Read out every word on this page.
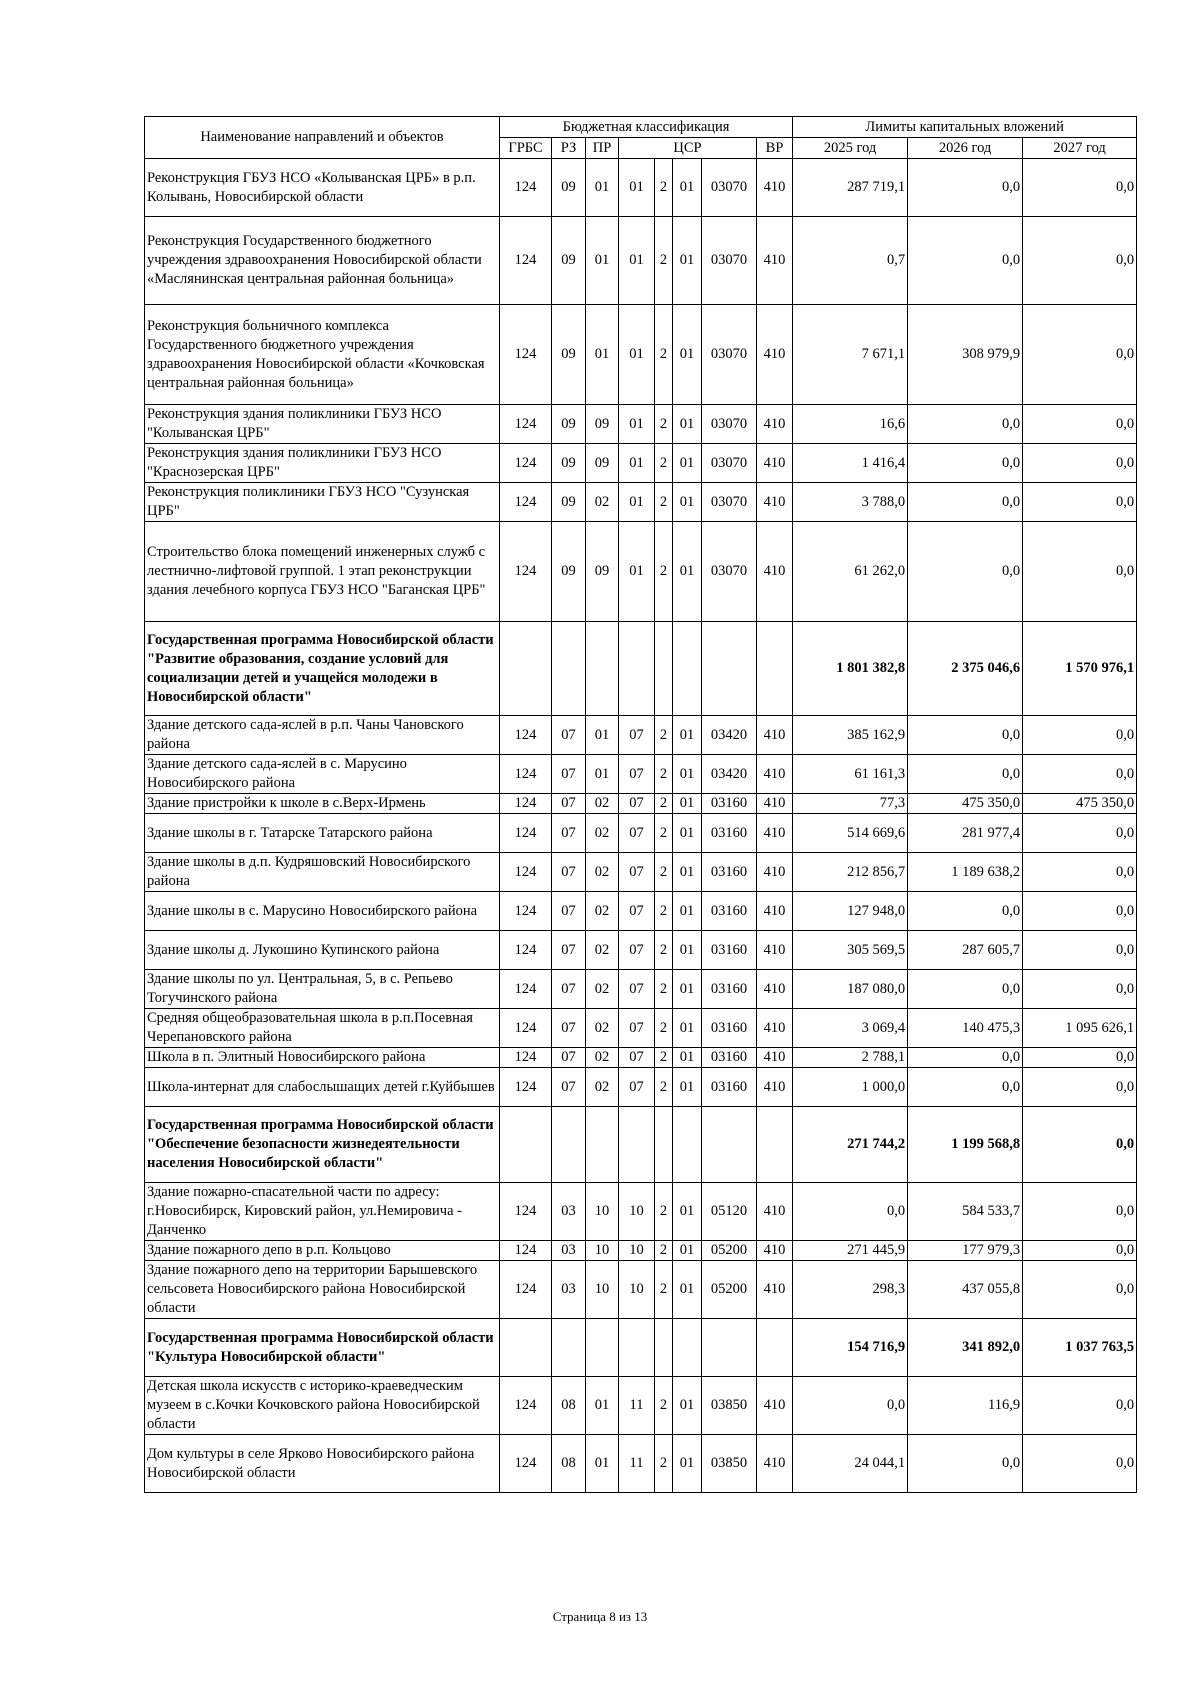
Наименование направлений и объектов	Бюджетная классификация								Лимиты капитальных вложений		
	ГРБС	РЗ	ПР	ЦСР				ВР	2025 год	2026 год	2027 год
Реконструкция ГБУЗ НСО «Колыванская ЦРБ» в р.п. Колывань, Новосибирской области	124	09	01	01	2	01	03070	410	287 719,1	0,0	0,0
Реконструкция Государственного бюджетного учреждения здравоохранения Новосибирской области «Маслянинская центральная районная больница»	124	09	01	01	2	01	03070	410	0,7	0,0	0,0
Реконструкция больничного комплекса Государственного бюджетного учреждения здравоохранения Новосибирской области «Кочковская центральная районная больница»	124	09	01	01	2	01	03070	410	7 671,1	308 979,9	0,0
Реконструкция здания поликлиники ГБУЗ НСО "Колыванская ЦРБ"	124	09	09	01	2	01	03070	410	16,6	0,0	0,0
Реконструкция здания поликлиники ГБУЗ НСО "Краснозерская ЦРБ"	124	09	09	01	2	01	03070	410	1 416,4	0,0	0,0
Реконструкция поликлиники ГБУЗ НСО "Сузунская ЦРБ"	124	09	02	01	2	01	03070	410	3 788,0	0,0	0,0
Строительство блока помещений инженерных служб с лестнично-лифтовой группой. 1 этап реконструкции здания лечебного корпуса ГБУЗ НСО "Баганская ЦРБ"	124	09	09	01	2	01	03070	410	61 262,0	0,0	0,0
Государственная программа Новосибирской области "Развитие образования, создание условий для социализации детей и учащейся молодежи в Новосибирской области"									1 801 382,8	2 375 046,6	1 570 976,1
Здание детского сада-яслей в р.п. Чаны Чановского района	124	07	01	07	2	01	03420	410	385 162,9	0,0	0,0
Здание детского сада-яслей в с. Марусино Новосибирского района	124	07	01	07	2	01	03420	410	61 161,3	0,0	0,0
Здание пристройки к школе в с.Верх-Ирмень	124	07	02	07	2	01	03160	410	77,3	475 350,0	475 350,0
Здание школы в г. Татарске Татарского района	124	07	02	07	2	01	03160	410	514 669,6	281 977,4	0,0
Здание школы в д.п. Кудряшовский Новосибирского района	124	07	02	07	2	01	03160	410	212 856,7	1 189 638,2	0,0
Здание школы в с. Марусино Новосибирского района	124	07	02	07	2	01	03160	410	127 948,0	0,0	0,0
Здание школы д. Лукошино Купинского района	124	07	02	07	2	01	03160	410	305 569,5	287 605,7	0,0
Здание школы по ул. Центральная, 5, в с. Репьево Тогучинского района	124	07	02	07	2	01	03160	410	187 080,0	0,0	0,0
Средняя общеобразовательная школа в р.п.Посевная Черепановского района	124	07	02	07	2	01	03160	410	3 069,4	140 475,3	1 095 626,1
Школа в п. Элитный Новосибирского района	124	07	02	07	2	01	03160	410	2 788,1	0,0	0,0
Школа-интернат для слабослышащих детей г.Куйбышев	124	07	02	07	2	01	03160	410	1 000,0	0,0	0,0
Государственная программа Новосибирской области "Обеспечение безопасности жизнедеятельности населения Новосибирской области"									271 744,2	1 199 568,8	0,0
Здание пожарно-спасательной части по адресу: г.Новосибирск, Кировский район, ул.Немировича - Данченко	124	03	10	10	2	01	05120	410	0,0	584 533,7	0,0
Здание пожарного депо в р.п. Кольцово	124	03	10	10	2	01	05200	410	271 445,9	177 979,3	0,0
Здание пожарного депо на территории Барышевского сельсовета Новосибирского района Новосибирской области	124	03	10	10	2	01	05200	410	298,3	437 055,8	0,0
Государственная программа Новосибирской области "Культура Новосибирской области"									154 716,9	341 892,0	1 037 763,5
Детская школа искусств с историко-краеведческим музеем в с.Кочки Кочковского района Новосибирской области	124	08	01	11	2	01	03850	410	0,0	116,9	0,0
Дом культуры в селе Ярково Новосибирского района Новосибирской области	124	08	01	11	2	01	03850	410	24 044,1	0,0	0,0
Страница 8 из 13
